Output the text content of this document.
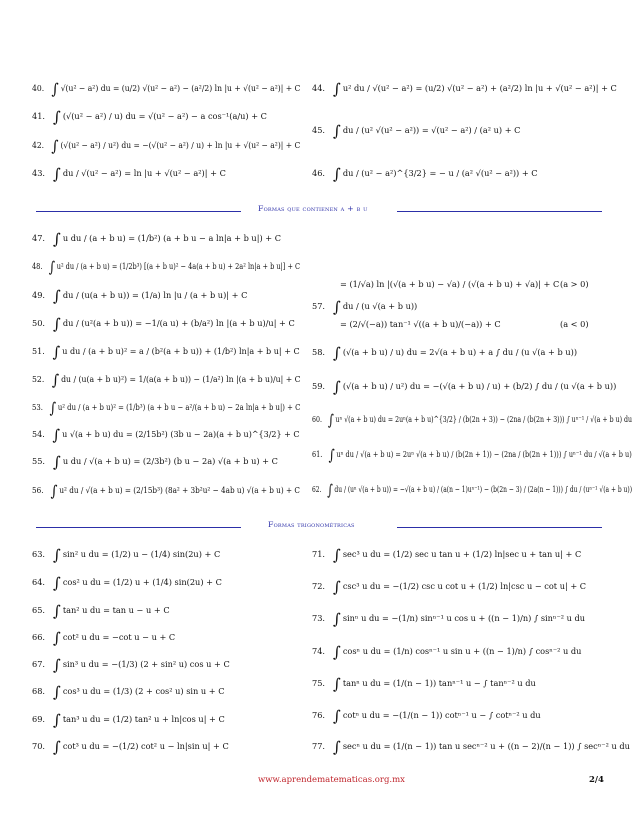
40. ∫ √(u² − a²) du = (u/2) √(u² − a²) − (a²/2) ln |u + √(u² − a²)| + C
41. ∫ (√(u² − a²) / u) du = √(u² − a²) − a cos⁻¹(a/u) + C
42. ∫ (√(u² − a²) / u²) du = −(√(u² − a²) / u) + ln |u + √(u² − a²)| + C
43. ∫ du / √(u² − a²) = ln |u + √(u² − a²)| + C
44. ∫ u² du / √(u² − a²) = (u/2) √(u² − a²) + (a²/2) ln |u + √(u² − a²)| + C
45. ∫ du / (u² √(u² − a²)) = √(u² − a²) / (a² u) + C
46. ∫ du / (u² − a²)^{3/2} = − u / (a² √(u² − a²)) + C
Formas que contienen a + b u
47. ∫ u du / (a + b u) = (1/b²) (a + b u − a ln|a + b u|) + C
48. ∫ u² du / (a + b u) = (1/2b³) [(a + b u)² − 4a(a + b u) + 2a² ln|a + b u|] + C
49. ∫ du / (u(a + b u)) = (1/a) ln |u / (a + b u)| + C
50. ∫ du / (u²(a + b u)) = −1/(a u) + (b/a²) ln |(a + b u)/u| + C
51. ∫ u du / (a + b u)² = a / (b²(a + b u)) + (1/b²) ln|a + b u| + C
52. ∫ du / (u(a + b u)²) = 1/(a(a + b u)) − (1/a²) ln |(a + b u)/u| + C
53. ∫ u² du / (a + b u)² = (1/b³) (a + b u − a²/(a + b u) − 2a ln|a + b u|) + C
54. ∫ u √(a + b u) du = (2/15b²) (3b u − 2a)(a + b u)^{3/2} + C
55. ∫ u du / √(a + b u) = (2/3b²) (b u − 2a) √(a + b u) + C
56. ∫ u² du / √(a + b u) = (2/15b³) (8a² + 3b²u² − 4ab u) √(a + b u) + C
57. ∫ du / (u √(a + b u))
= (1/√a) ln |(√(a + b u) − √a) / (√(a + b u) + √a)| + C (a > 0)
= (2/√(−a)) tan⁻¹ √((a + b u)/(−a)) + C	(a < 0)
58. ∫ (√(a + b u) / u) du = 2√(a + b u) + a ∫ du / (u √(a + b u))
59. ∫ (√(a + b u) / u²) du = −(√(a + b u) / u) + (b/2) ∫ du / (u √(a + b u))
60. ∫ uⁿ √(a + b u) du = 2uⁿ(a + b u)^{3/2} / (b(2n + 3)) − (2na / (b(2n + 3))) ∫ uⁿ⁻¹ / √(a + b u) du
61. ∫ uⁿ du / √(a + b u) = 2uⁿ √(a + b u) / (b(2n + 1)) − (2na / (b(2n + 1))) ∫ uⁿ⁻¹ du / √(a + b u)
62. ∫du / (uⁿ √(a + b u)) = −√(a + b u) / (a(n − 1)uⁿ⁻¹) − (b(2n − 3) / (2a(n − 1))) ∫ du / (uⁿ⁻¹ √(a + b u))
Formas trigonométricas
63. ∫ sin² u du = (1/2) u − (1/4) sin(2u) + C
64. ∫ cos² u du = (1/2) u + (1/4) sin(2u) + C
65. ∫ tan² u du = tan u − u + C
66. ∫ cot² u du = −cot u − u + C
67. ∫ sin³ u du = −(1/3) (2 + sin² u) cos u + C
68. ∫ cos³ u du = (1/3) (2 + cos² u) sin u + C
69. ∫ tan³ u du = (1/2) tan² u + ln|cos u| + C
70. ∫ cot³ u du = −(1/2) cot² u − ln|sin u| + C
71. ∫ sec³ u du = (1/2) sec u tan u + (1/2) ln|sec u + tan u| + C
72. ∫ csc³ u du = −(1/2) csc u cot u + (1/2) ln|csc u − cot u| + C
73. ∫ sinⁿ u du = −(1/n) sinⁿ⁻¹ u cos u + ((n − 1)/n) ∫ sinⁿ⁻² u du
74. ∫ cosⁿ u du = (1/n) cosⁿ⁻¹ u sin u + ((n − 1)/n) ∫ cosⁿ⁻² u du
75. ∫ tanⁿ u du = (1/(n − 1)) tanⁿ⁻¹ u − ∫ tanⁿ⁻² u du
76. ∫ cotⁿ u du = −(1/(n − 1)) cotⁿ⁻¹ u − ∫ cotⁿ⁻² u du
77. ∫ secⁿ u du = (1/(n − 1)) tan u secⁿ⁻² u + ((n − 2)/(n − 1)) ∫ secⁿ⁻² u du
www.aprendematematicas.org.mx	2/4
